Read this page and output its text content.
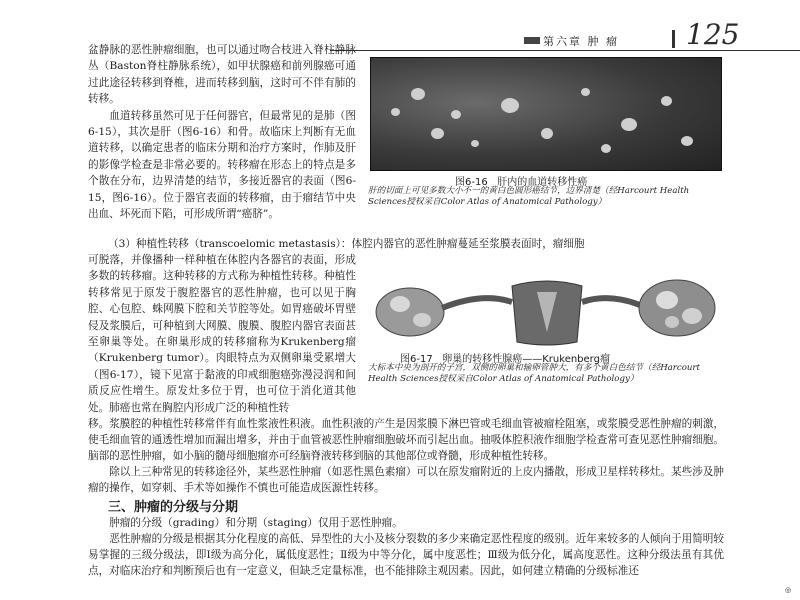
第六章 肿 瘤 125

盆静脉的恶性肿瘤细胞，也可以通过吻合枝进入脊柱静脉丛（Baston脊柱静脉系统），如甲状腺癌和前列腺癌可通过此途径转移到脊椎，进而转移到脑，这时可不伴有肺的转移。

血道转移虽然可见于任何器官，但最常见的是肺（图6-15），其次是肝（图6-16）和骨。故临床上判断有无血道转移，以确定患者的临床分期和治疗方案时，作肺及肝的影像学检查是非常必要的。转移瘤在形态上的特点是多个散在分布，边界清楚的结节，多接近器官的表面（图6-15，图6-16）。位于器官表面的转移瘤，由于瘤结节中央出血、坏死而下陷，可形成所谓“癌脐”。

图6-16 肝内的血道转移性癌
肝的切面上可见多数大小不一的黄白色圆形癌结节，边界清楚（经Harcourt Health Sciences授权采自Color Atlas of Anatomical Pathology）
（3）种植性转移（transcoelomic metastasis）：体腔内器官的恶性肿瘤蔓延至浆膜表面时，瘤细胞
可脱落，并像播种一样种植在体腔内各器官的表面，形成多数的转移瘤。这种转移的方式称为种植性转移。种植性转移常见于原发于腹腔器官的恶性肿瘤，也可以见于胸腔、心包腔、蛛网膜下腔和关节腔等处。如胃癌破坏胃壁侵及浆膜后，可种植到大网膜、腹膜、腹腔内器官表面甚至卵巢等处。在卵巢形成的转移瘤称为Krukenberg瘤（Krukenberg tumor）。肉眼特点为双侧卵巢受累增大（图6-17），镜下见富于黏液的印戒细胞癌弥漫浸润和间质反应性增生。原发灶多位于胃，也可位于消化道其他处。肺癌也常在胸腔内形成广泛的种植性转
图6-17 卵巢的转移性腺癌——Krukenberg瘤
大标本中央为剖开的子宫，双侧的卵巢和输卵管肿大，有多个黄白色结节（经Harcourt Health Sciences授权采自Color Atlas of Anatomical Pathology）

移。浆膜腔的种植性转移常伴有血性浆液性积液。血性积液的产生是因浆膜下淋巴管或毛细血管被瘤栓阻塞，或浆膜受恶性肿瘤的刺激，使毛细血管的通透性增加而漏出增多，并由于血管被恶性肿瘤细胞破坏而引起出血。抽吸体腔积液作细胞学检查常可查见恶性肿瘤细胞。脑部的恶性肿瘤，如小脑的髓母细胞瘤亦可经脑脊液转移到脑的其他部位或脊髓，形成种植性转移。

除以上三种常见的转移途径外，某些恶性肿瘤（如恶性黑色素瘤）可以在原发瘤附近的上皮内播散，形成卫星样转移灶。某些涉及肿瘤的操作，如穿刺、手术等如操作不慎也可能造成医源性转移。

三、肿瘤的分级与分期

肿瘤的分级（grading）和分期（staging）仅用于恶性肿瘤。

恶性肿瘤的分级是根据其分化程度的高低、异型性的大小及核分裂数的多少来确定恶性程度的级别。近年来较多的人倾向于用简明较易掌握的三级分级法，即Ⅰ级为高分化，属低度恶性；Ⅱ级为中等分化，属中度恶性；Ⅲ级为低分化，属高度恶性。这种分级法虽有其优点，对临床治疗和判断预后也有一定意义，但缺乏定量标准，也不能排除主观因素。因此，如何建立精确的分级标准还

◎
